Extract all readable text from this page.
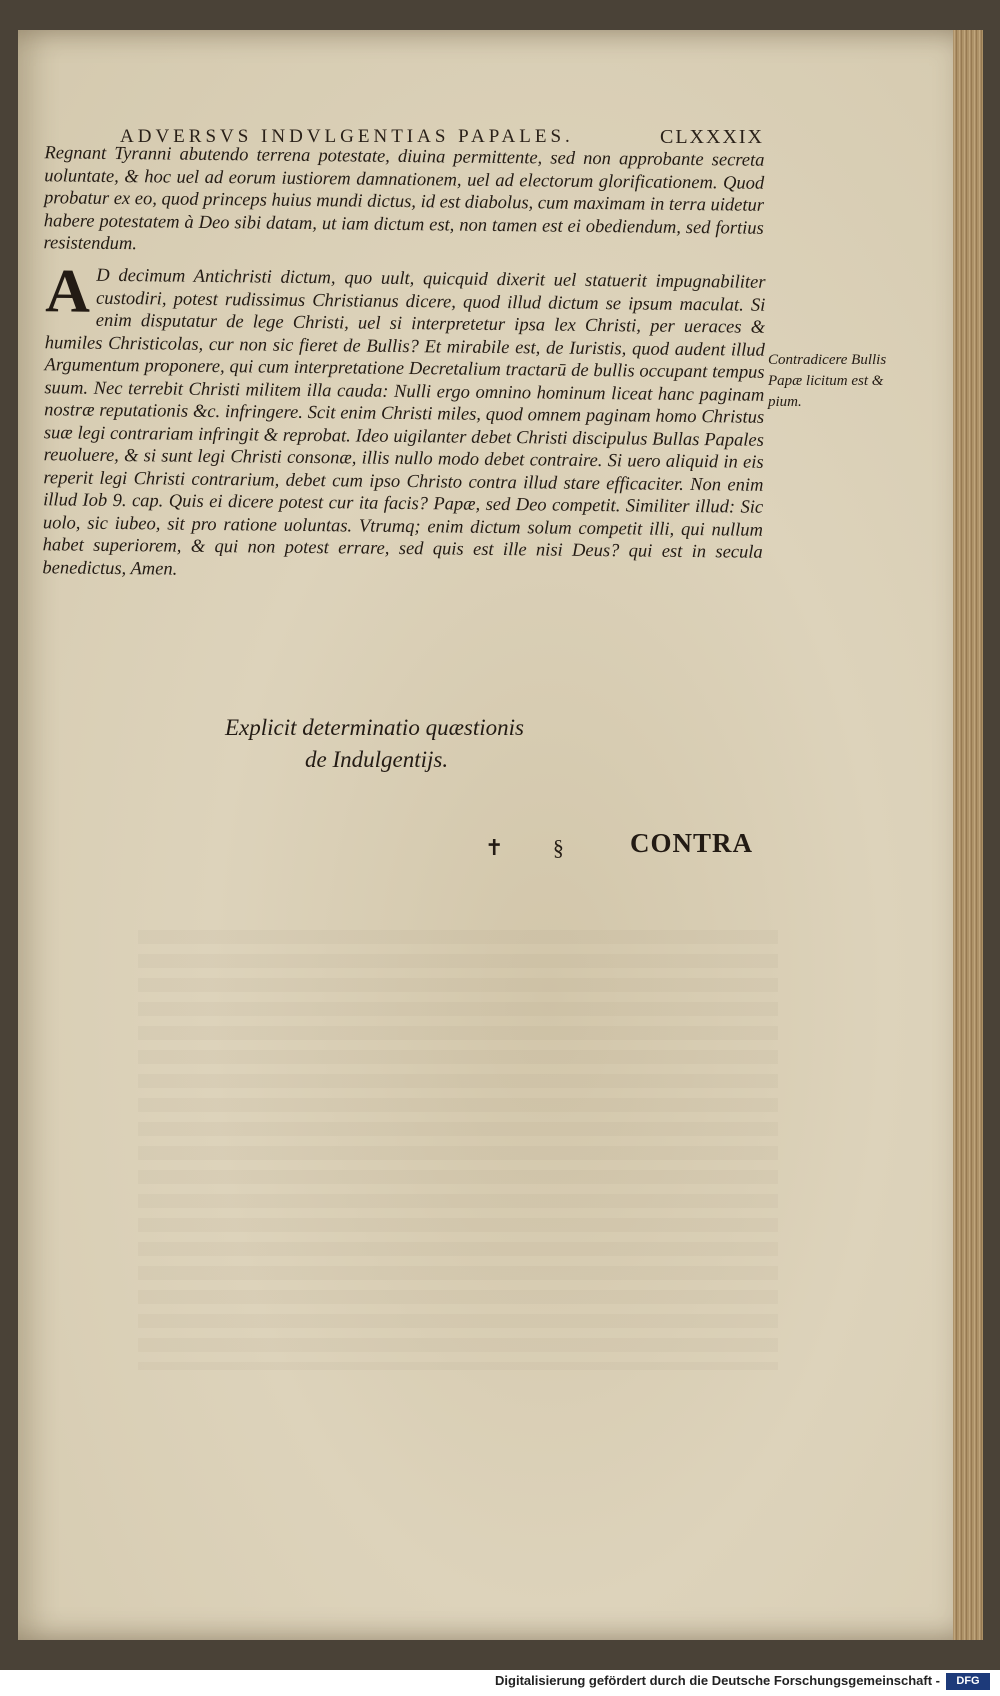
ADVERSVS INDVLGENTIAS PAPALES.	CLXXXIX
Regnant Tyranni abutendo terrena potestate, diuina permittente, sed non approbante secreta uoluntate, & hoc uel ad eorum iustiorem damnationem, uel ad electorum glorificationem. Quod probatur ex eo, quod princeps huius mundi dictus, id est diabolus, cum maximam in terra uidetur habere potestatem à Deo sibi datam, ut iam dictum est, non tamen est ei obediendum, sed fortius resistendum.
A D decimum Antichristi dictum, quo uult, quicquid dixerit uel statuerit impugnabiliter custodiri, potest rudissimus Christianus dicere, quod illud dictum se ipsum maculat. Si enim disputatur de lege Christi, uel si interpretetur ipsa lex Christi, per ueraces & humiles Christicolas, cur non sic fieret de Bullis? Et mirabile est, de Iuristis, quod audent illud Argumentum proponere, qui cum interpretatione Decretalium tractarū de bullis occupant tempus suum. Nec terrebit Christi militem illa cauda: Nulli ergo omnino hominum liceat hanc paginam nostræ reputationis &c. infringere. Scit enim Christi miles, quod omnem paginam homo Christus suæ legi contrariam infringit & reprobat. Ideo uigilanter debet Christi discipulus Bullas Papales reuoluere, & si sunt legi Christi consonæ, illis nullo modo debet contraire. Si uero aliquid in eis reperit legi Christi contrarium, debet cum ipso Christo contra illud stare efficaciter. Non enim illud Iob 9. cap. Quis ei dicere potest cur ita facis? Papæ, sed Deo competit. Similiter illud: Sic uolo, sic iubeo, sit pro ratione uoluntas. Vtrumq; enim dictum solum competit illi, qui nullum habet superiorem, & qui non potest errare, sed quis est ille nisi Deus? qui est in secula benedictus, Amen.
Contradicere Bullis Papæ licitum est & pium.
Explicit determinatio quæstionis
de Indulgentijs.
✝ § CONTRA
Digitalisierung gefördert durch die Deutsche Forschungsgemeinschaft -	DFG
